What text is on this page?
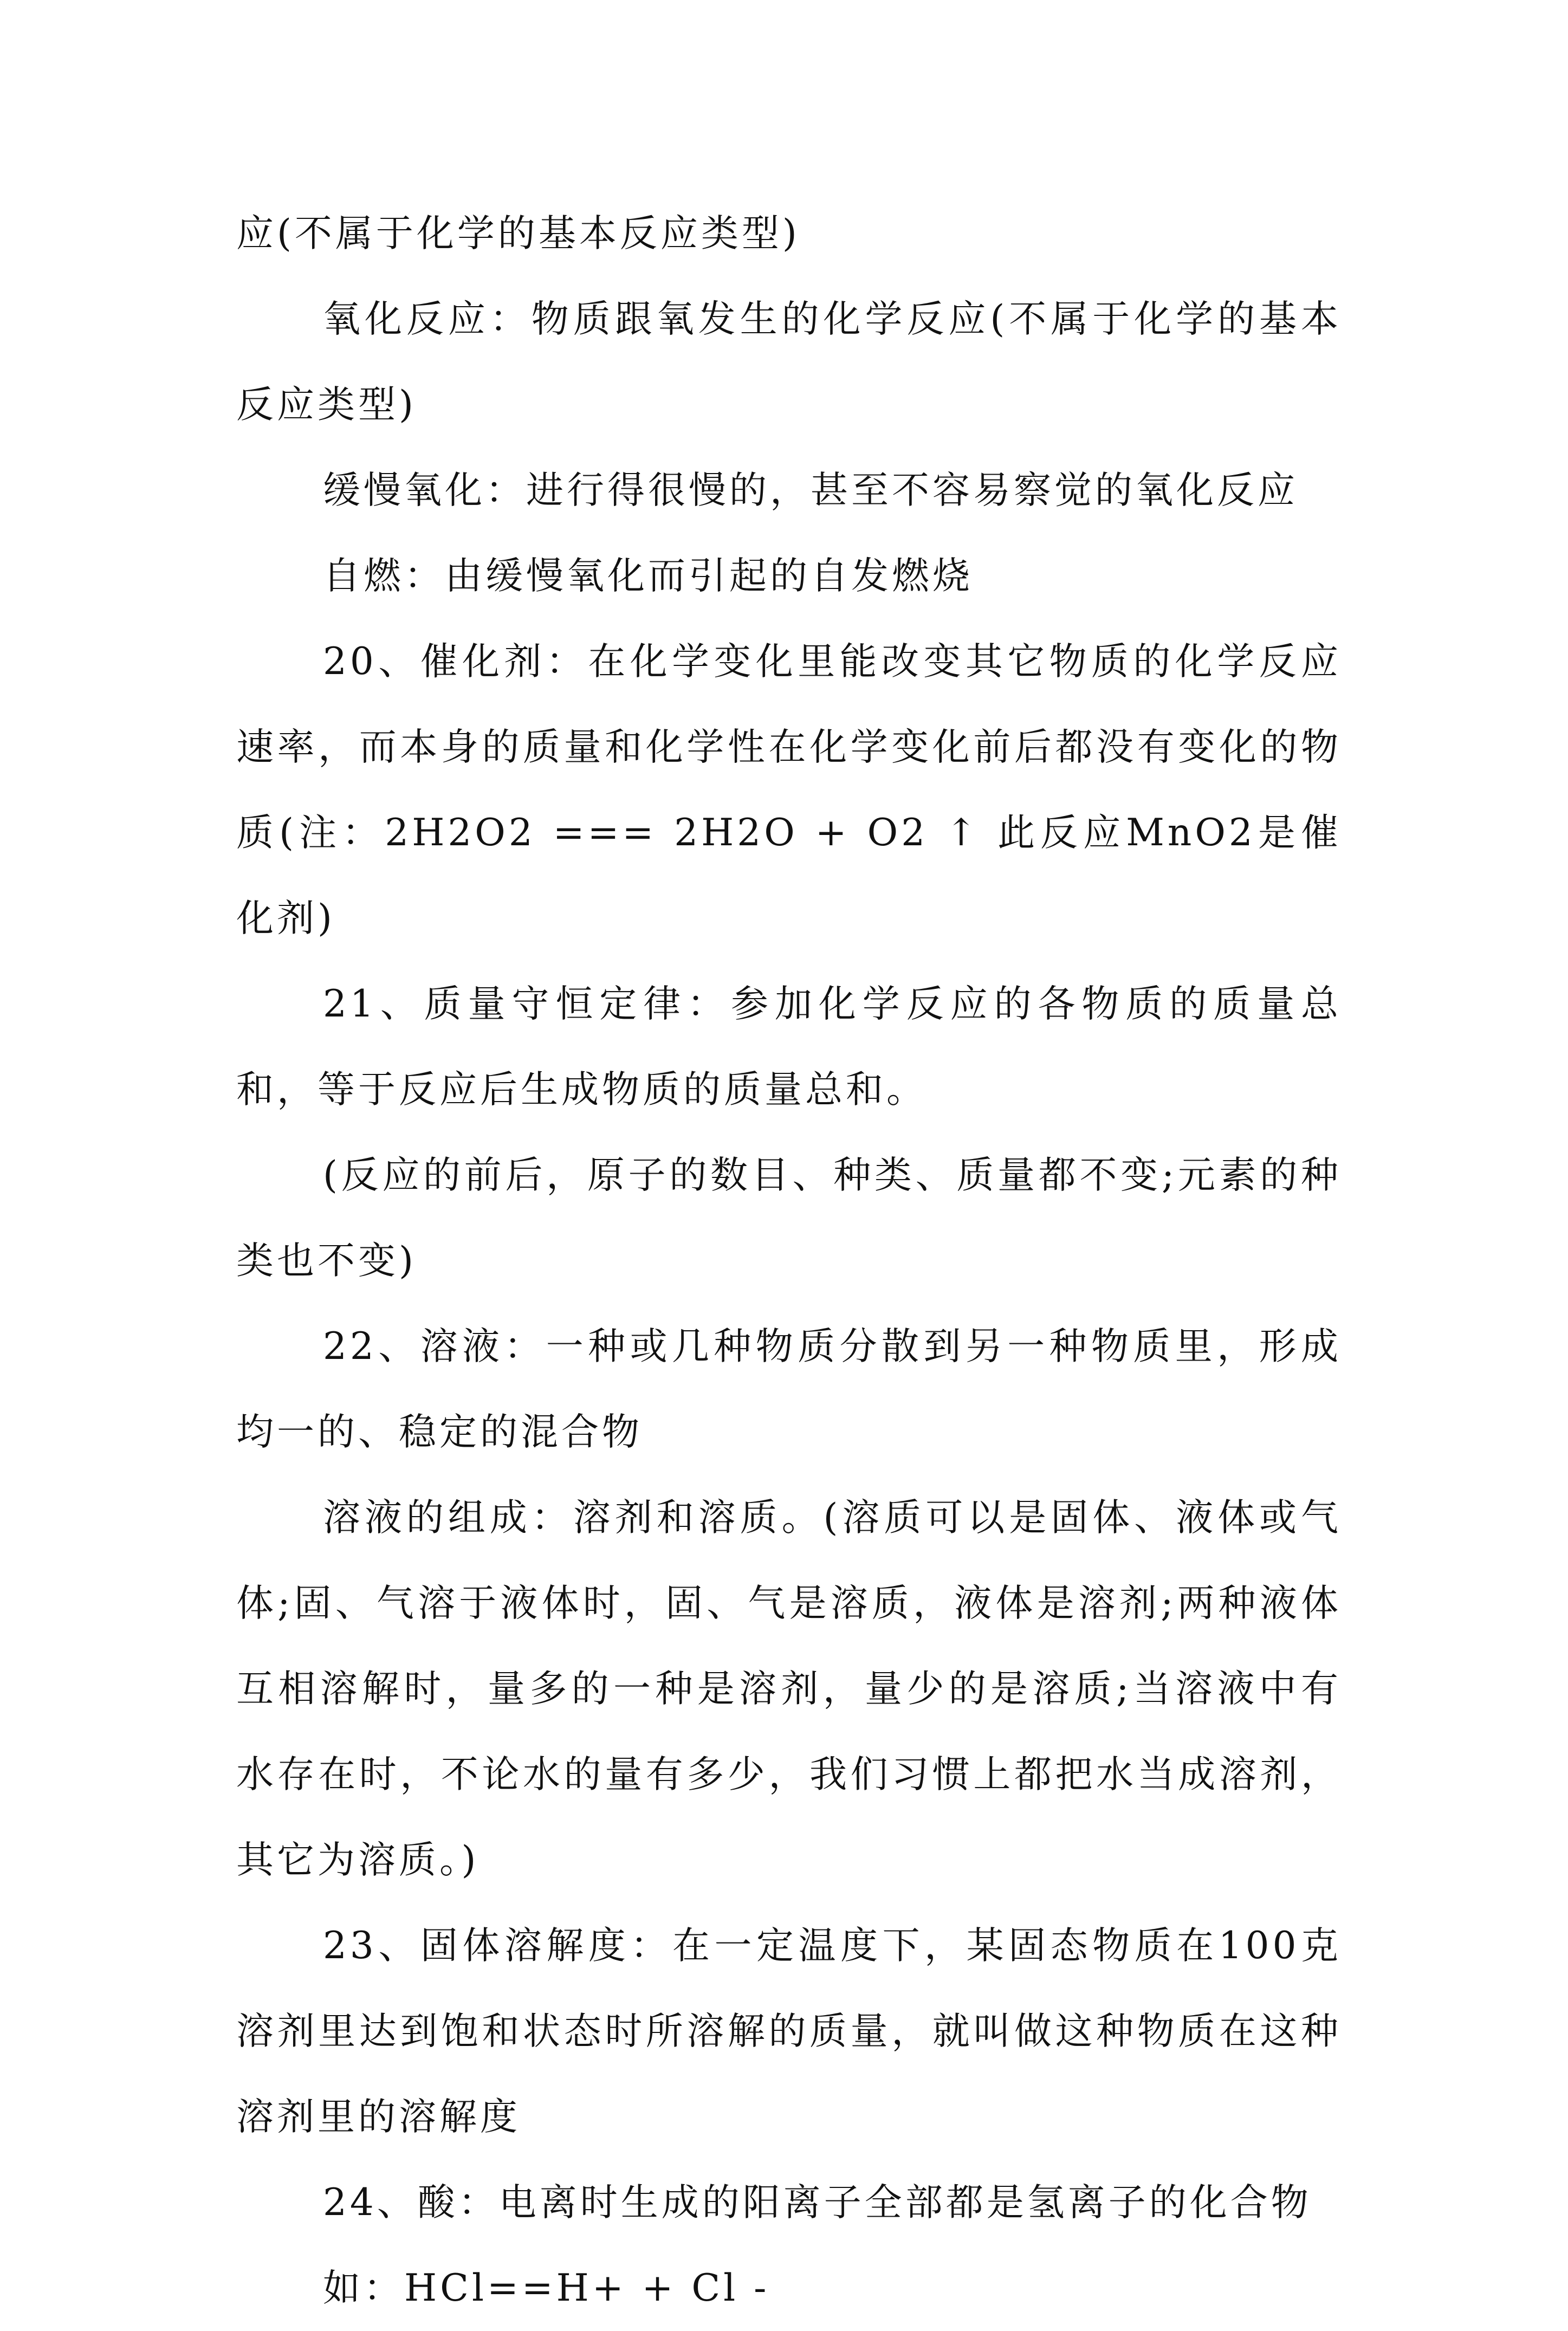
应(不属于化学的基本反应类型)

氧化反应：物质跟氧发生的化学反应(不属于化学的基本反应类型)

缓慢氧化：进行得很慢的，甚至不容易察觉的氧化反应

自燃：由缓慢氧化而引起的自发燃烧

20、催化剂：在化学变化里能改变其它物质的化学反应速率，而本身的质量和化学性在化学变化前后都没有变化的物质(注：2H2O2 === 2H2O + O2 ↑ 此反应MnO2是催化剂)

21、质量守恒定律：参加化学反应的各物质的质量总和，等于反应后生成物质的质量总和。

(反应的前后，原子的数目、种类、质量都不变;元素的种类也不变)

22、溶液：一种或几种物质分散到另一种物质里，形成均一的、稳定的混合物

溶液的组成：溶剂和溶质。(溶质可以是固体、液体或气体;固、气溶于液体时，固、气是溶质，液体是溶剂;两种液体互相溶解时，量多的一种是溶剂，量少的是溶质;当溶液中有水存在时，不论水的量有多少，我们习惯上都把水当成溶剂，其它为溶质。)

23、固体溶解度：在一定温度下，某固态物质在100克溶剂里达到饱和状态时所溶解的质量，就叫做这种物质在这种溶剂里的溶解度

24、酸：电离时生成的阳离子全部都是氢离子的化合物

如：HCl==H+ + Cl -
